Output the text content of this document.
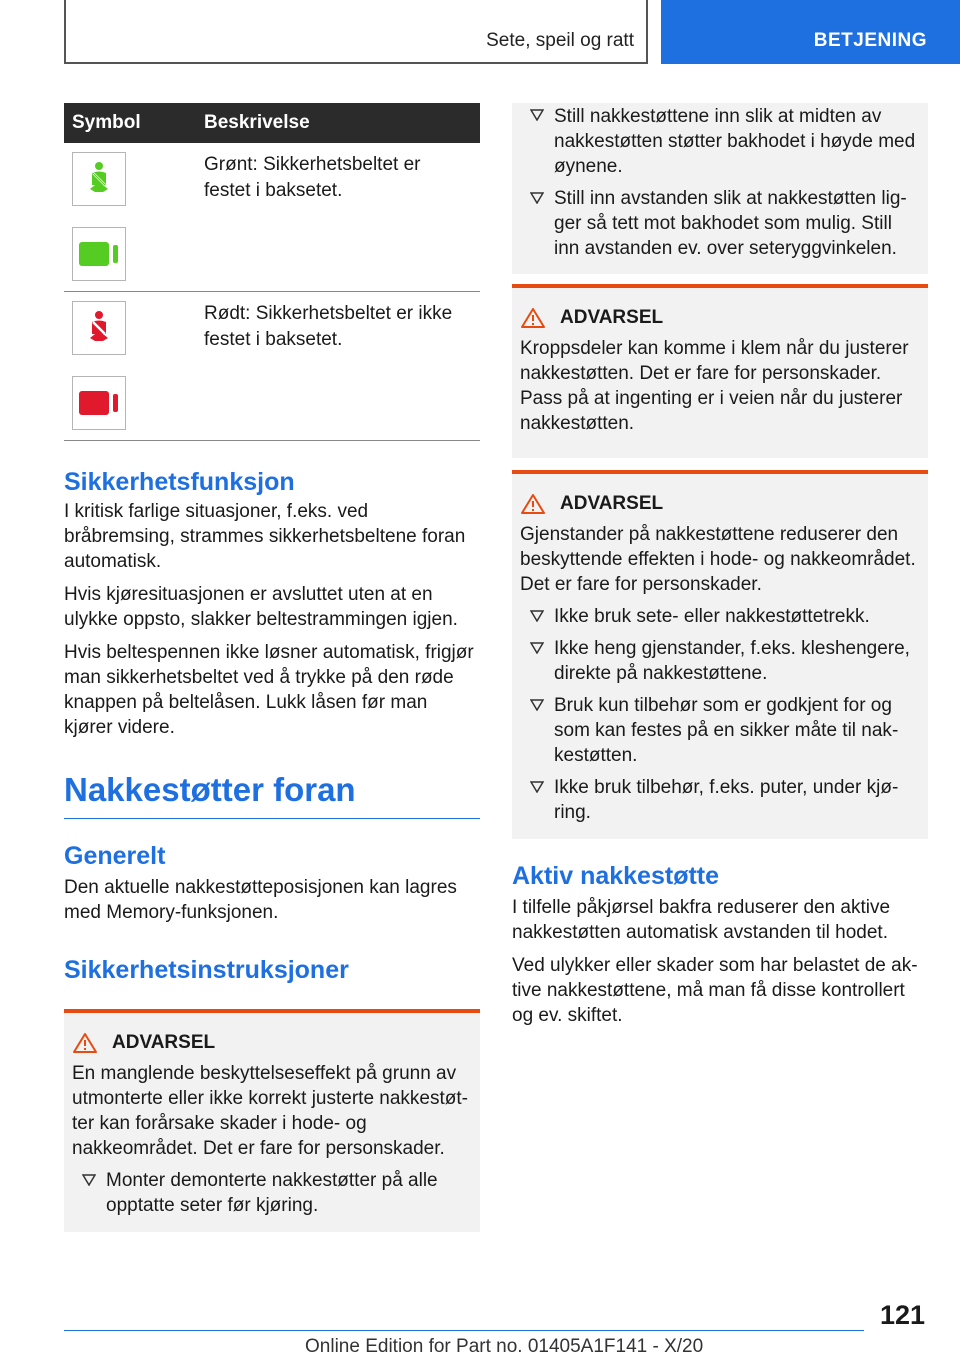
Sete, speil og ratt	BETJENING
Symbol	Beskrivelse

	Grønt: Sikkerhetsbeltet er festet i baksetet.

	Rødt: Sikkerhetsbeltet er ikke festet i baksetet.
Sikkerhetsfunksjon

I kritisk farlige situasjoner, f.eks. ved bråbremsing, strammes sikkerhetsbeltene foran automatisk.

Hvis kjøresituasjonen er avsluttet uten at en ulykke oppsto, slakker beltestrammingen igjen.

Hvis beltespennen ikke løsner automatisk, frigjør man sikkerhetsbeltet ved å trykke på den røde knappen på beltelåsen. Lukk låsen før man kjører videre.

Nakkestøtter foran
Generelt

Den aktuelle nakkestøtteposisjonen kan lagres med Memory-funksjonen.

Sikkerhetsinstruksjoner
ADVARSEL

En manglende beskyttelseseffekt på grunn av utmonterte eller ikke korrekt justerte nakkestøtter kan forårsake skader i hode- og nakkeområdet. Det er fare for personskader.

Monter demonterte nakkestøtter på alle opptatte seter før kjøring.
Still nakkestøttene inn slik at midten av nakkestøtten støtter bakhodet i høyde med øynene.
Still inn avstanden slik at nakkestøtten ligger så tett mot bakhodet som mulig. Still inn avstanden ev. over seteryggvinkelen.
ADVARSEL

Kroppsdeler kan komme i klem når du justerer nakkestøtten. Det er fare for personskader. Pass på at ingenting er i veien når du justerer nakkestøtten.

ADVARSEL

Gjenstander på nakkestøttene reduserer den beskyttende effekten i hode- og nakkeområdet. Det er fare for personskader.

Ikke bruk sete- eller nakkestøttetrekk.
Ikke heng gjenstander, f.eks. kleshengere, direkte på nakkestøttene.
Bruk kun tilbehør som er godkjent for og som kan festes på en sikker måte til nakkestøtten.
Ikke bruk tilbehør, f.eks. puter, under kjøring.
Aktiv nakkestøtte

I tilfelle påkjørsel bakfra reduserer den aktive nakkestøtten automatisk avstanden til hodet.

Ved ulykker eller skader som har belastet de aktive nakkestøttene, må man få disse kontrollert og ev. skiftet.

121
Online Edition for Part no. 01405A1F141 - X/20
